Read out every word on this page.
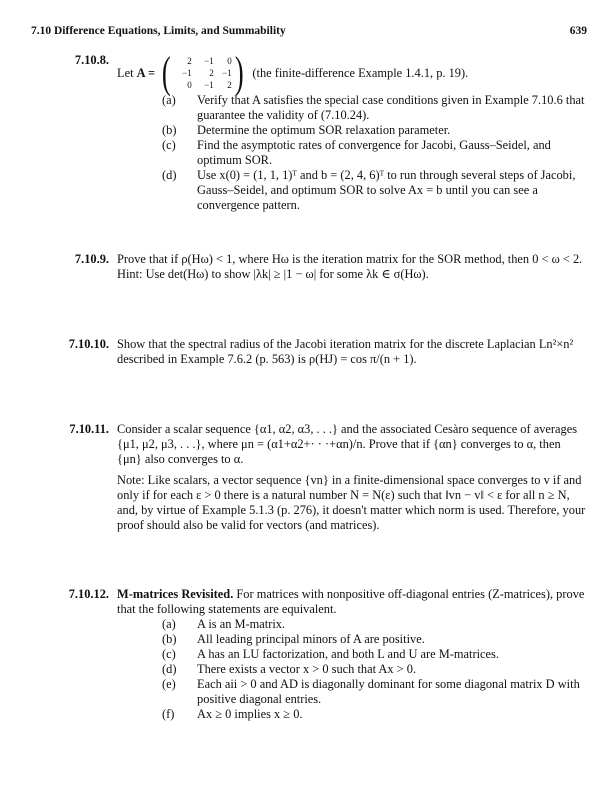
7.10 Difference Equations, Limits, and Summability	639
7.10.8.

Let
A = (	2	−1	0
−1	2 −1
0	−1	2 ) (the finite-difference Example 1.4.1, p. 19).

(a)	Verify that A satisfies the special case conditions given in Example 7.10.6 that guarantee the validity of (7.10.24).
(b)	Determine the optimum SOR relaxation parameter.
(c)	Find the asymptotic rates of convergence for Jacobi, Gauss–Seidel, and optimum SOR.
(d)	Use x(0) = (1, 1, 1)ᵀ and b = (2, 4, 6)ᵀ to run through several steps of Jacobi, Gauss–Seidel, and optimum SOR to solve Ax = b until you can see a convergence pattern.
7.10.9. Prove that if ρ(Hω) < 1, where Hω is the iteration matrix for the SOR method, then 0 < ω < 2. Hint: Use det(Hω) to show |λk| ≥ |1 − ω| for some λk ∈ σ(Hω).

7.10.10. Show that the spectral radius of the Jacobi iteration matrix for the discrete Laplacian Ln²×n² described in Example 7.6.2 (p. 563) is ρ(HJ) = cos π/(n + 1).

7.10.11. Consider a scalar sequence {α1, α2, α3, . . .} and the associated Cesàro sequence of averages {μ1, μ2, μ3, . . .}, where μn = (α1+α2+· · ·+αn)/n. Prove that if {αn} converges to α, then {μn} also converges to α.

Note: Like scalars, a vector sequence {vn} in a finite-dimensional space converges to v if and only if for each ε > 0 there is a natural number N = N(ε) such that ‖vn − v‖ < ε for all n ≥ N, and, by virtue of Example 5.1.3 (p. 276), it doesn't matter which norm is used. Therefore, your proof should also be valid for vectors (and matrices).

7.10.12. M-matrices Revisited. For matrices with nonpositive off-diagonal entries (Z-matrices), prove that the following statements are equivalent.

(a)	A is an M-matrix.
(b)	All leading principal minors of A are positive.
(c)	A has an LU factorization, and both L and U are M-matrices.
(d)	There exists a vector x > 0 such that Ax > 0.
(e)	Each aii > 0 and AD is diagonally dominant for some diagonal matrix D with positive diagonal entries.
(f)	Ax ≥ 0 implies x ≥ 0.
